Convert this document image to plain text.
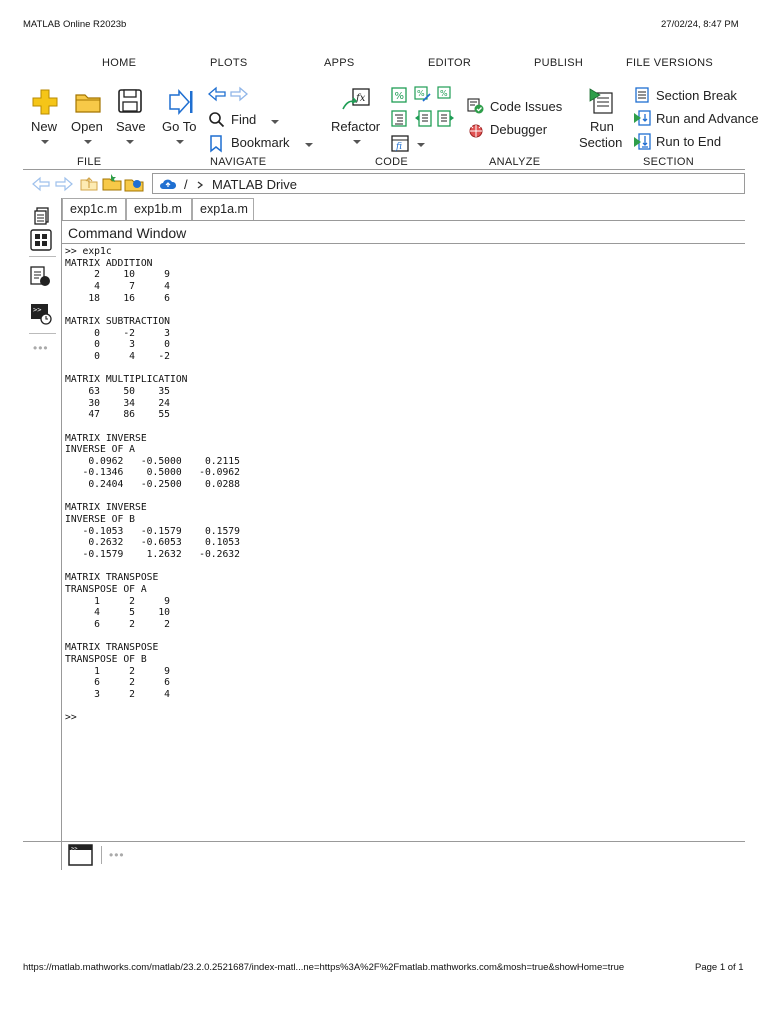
MATLAB Online R2023b	27/02/24, 8:47 PM
HOME	PLOTS	APPS	EDITOR	PUBLISH	FILE VERSIONS
New Open Save
FILE
Go To	Find
Bookmark
NAVIGATE
fx
Refactor
% % %
fi
CODE
Code Issues
Debugger
ANALYZE
Run
Section
Section Break
Run and Advance
Run to End
SECTION
/ MATLAB Drive
>>
•••
exp1c.m	exp1b.m	exp1a.m
Command Window
>> exp1c
MATRIX ADDITION
2    10     9
4     7     4
18    16     6

MATRIX SUBTRACTION
0    -2     3
0     3     0
0     4    -2

MATRIX MULTIPLICATION
63    50    35
30    34    24
47    86    55

MATRIX INVERSE
INVERSE OF A
0.0962   -0.5000    0.2115
-0.1346    0.5000   -0.0962
0.2404   -0.2500    0.0288

MATRIX INVERSE
INVERSE OF B
-0.1053   -0.1579    0.1579
0.2632   -0.6053    0.1053
-0.1579    1.2632   -0.2632

MATRIX TRANSPOSE
TRANSPOSE OF A
1     2     9
4     5    10
6     2     2

MATRIX TRANSPOSE
TRANSPOSE OF B
1     2     9
6     2     6
3     2     4

>>
>>	•••
https://matlab.mathworks.com/matlab/23.2.0.2521687/index-matl...ne=https%3A%2F%2Fmatlab.mathworks.com&mosh=true&showHome=true	Page 1 of 1
